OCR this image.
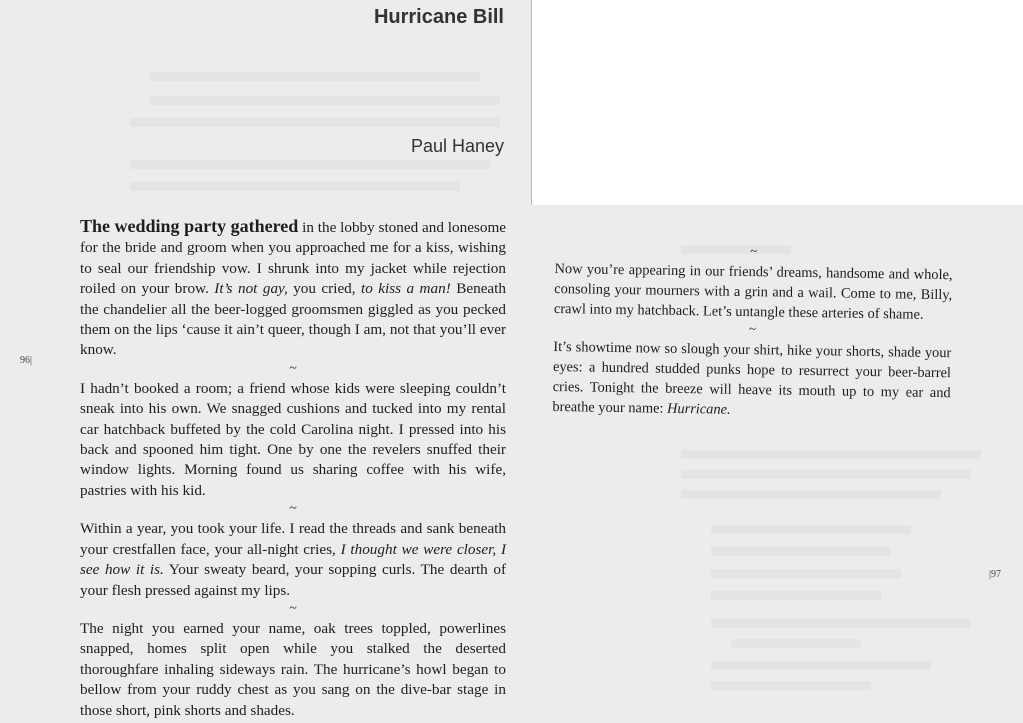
Hurricane Bill
Paul Haney
96|

The wedding party gathered in the lobby stoned and lonesome for the bride and groom when you approached me for a kiss, wishing to seal our friendship vow. I shrunk into my jacket while rejection roiled on your brow. It’s not gay, you cried, to kiss a man! Beneath the chandelier all the beer-logged groomsmen giggled as you pecked them on the lips ‘cause it ain’t queer, though I am, not that you’ll ever know.

~

I hadn’t booked a room; a friend whose kids were sleeping couldn’t sneak into his own. We snagged cushions and tucked into my rental car hatchback buffeted by the cold Carolina night. I pressed into his back and spooned him tight. One by one the revelers snuffed their window lights. Morning found us sharing coffee with his wife, pastries with his kid.

~

Within a year, you took your life. I read the threads and sank beneath your crestfallen face, your all-night cries, I thought we were closer, I see how it is. Your sweaty beard, your sopping curls. The dearth of your flesh pressed against my lips.

~

The night you earned your name, oak trees toppled, powerlines snapped, homes split open while you stalked the deserted thoroughfare inhaling sideways rain. The hurricane’s howl began to bellow from your ruddy chest as you sang on the dive-bar stage in those short, pink shorts and shades.

~

Now you’re appearing in our friends’ dreams, handsome and whole, consoling your mourners with a grin and a wail. Come to me, Billy, crawl into my hatchback. Let’s untangle these arteries of shame.

~

It’s showtime now so slough your shirt, hike your shorts, shade your eyes: a hundred studded punks hope to resurrect your beer-barrel cries. Tonight the breeze will heave its mouth up to my ear and breathe your name: Hurricane.

|97
